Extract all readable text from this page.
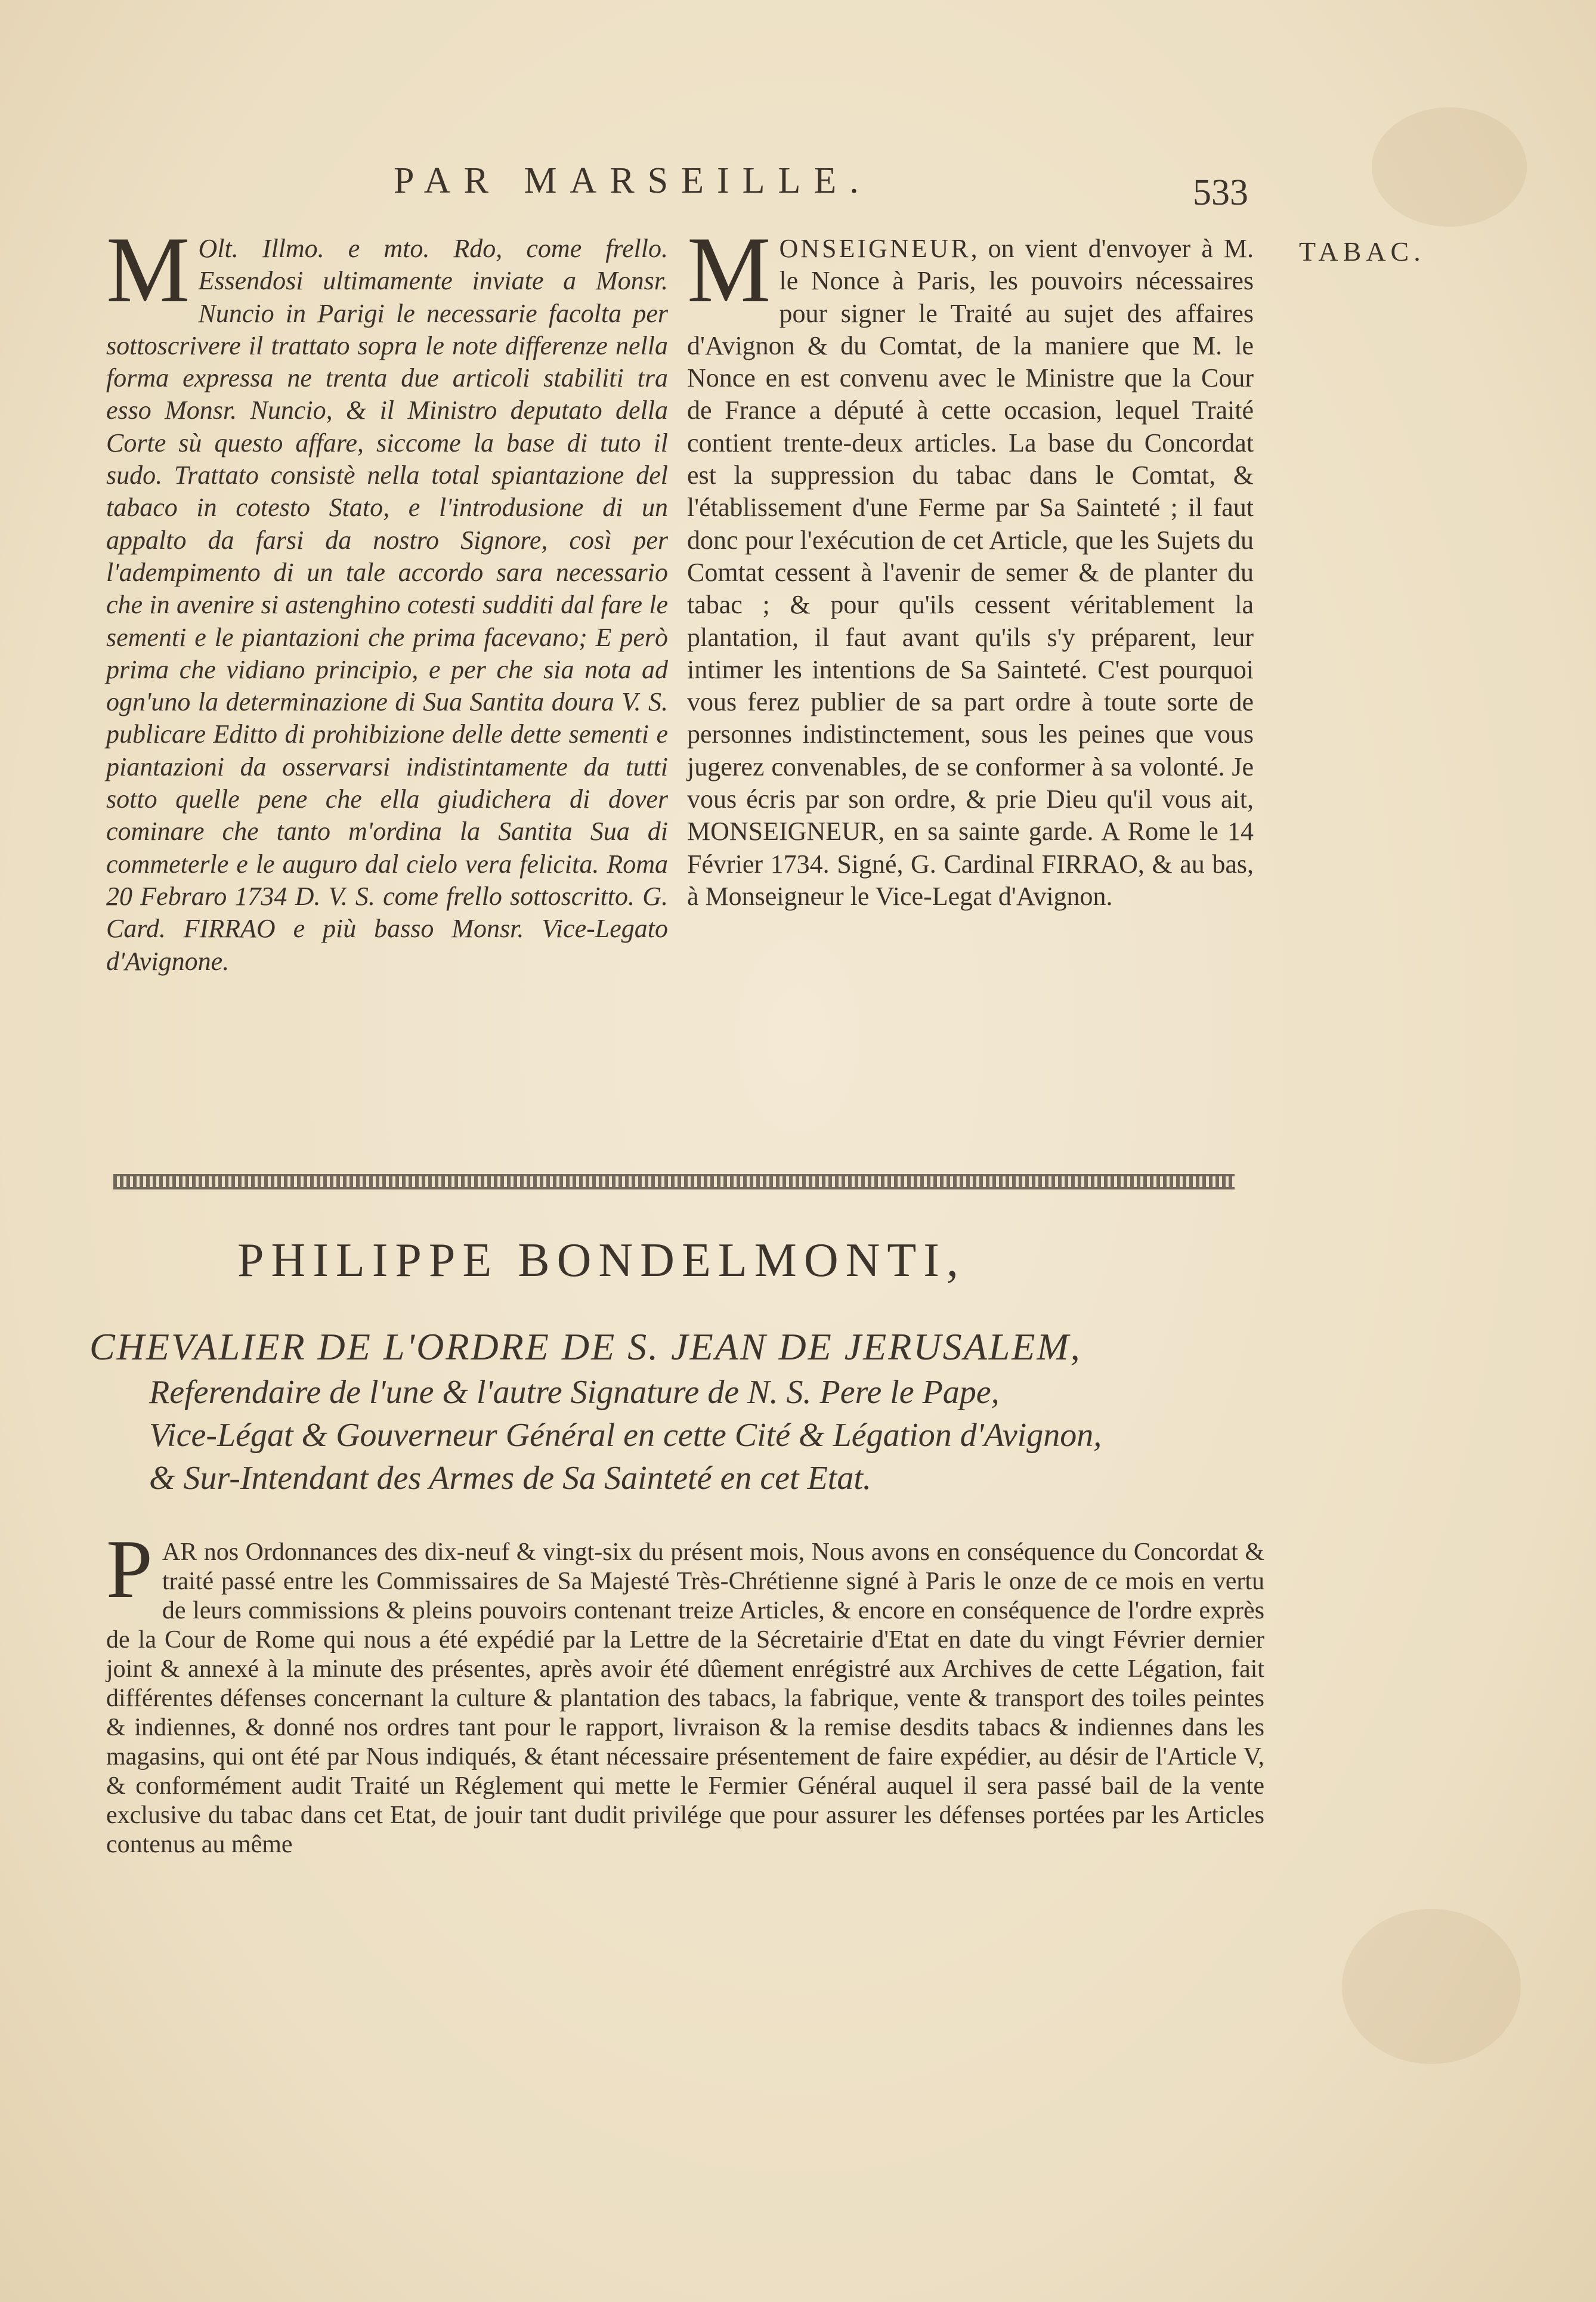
PAR MARSEILLE.	533
TABAC.
M Olt. Illmo. e mto. Rdo, come frello. Essendosi ultimamente inviate a Monsr. Nuncio in Parigi le necessarie facolta per sottoscrivere il trattato sopra le note differenze nella forma expressa ne trenta due articoli stabiliti tra esso Monsr. Nuncio, & il Ministro deputato della Corte sù questo affare, siccome la base di tuto il sudo. Trattato consistè nella total spiantazione del tabaco in cotesto Stato, e l'introdusione di un appalto da farsi da nostro Signore, così per l'adempimento di un tale accordo sara necessario che in avenire si astenghino cotesti sudditi dal fare le sementi e le piantazioni che prima facevano; E però prima che vidiano principio, e per che sia nota ad ogn'uno la determinazione di Sua Santita doura V. S. publicare Editto di prohibizione delle dette sementi e piantazioni da osservarsi indistintamente da tutti sotto quelle pene che ella giudichera di dover cominare che tanto m'ordina la Santita Sua di commeterle e le auguro dal cielo vera felicita. Roma 20 Febraro 1734 D. V. S. come frello sottoscritto. G. Card. FIRRAO e più basso Monsr. Vice-Legato d'Avignone.
MONSEIGNEUR, on vient d'envoyer à M. le Nonce à Paris, les pouvoirs nécessaires pour signer le Traité au sujet des affaires d'Avignon & du Comtat, de la maniere que M. le Nonce en est convenu avec le Ministre que la Cour de France a député à cette occasion, lequel Traité contient trente-deux articles. La base du Concordat est la suppression du tabac dans le Comtat, & l'établissement d'une Ferme par Sa Sainteté ; il faut donc pour l'exécution de cet Article, que les Sujets du Comtat cessent à l'avenir de semer & de planter du tabac ; & pour qu'ils cessent véritablement la plantation, il faut avant qu'ils s'y préparent, leur intimer les intentions de Sa Sainteté. C'est pourquoi vous ferez publier de sa part ordre à toute sorte de personnes indistinctement, sous les peines que vous jugerez convenables, de se conformer à sa volonté. Je vous écris par son ordre, & prie Dieu qu'il vous ait, MONSEIGNEUR, en sa sainte garde. A Rome le 14 Février 1734. Signé, G. Cardinal FIRRAO, & au bas, à Monseigneur le Vice-Legat d'Avignon.
PHILIPPE BONDELMONTI,
CHEVALIER DE L'ORDRE DE S. JEAN DE JERUSALEM,
Referendaire de l'une & l'autre Signature de N. S. Pere le Pape,
Vice-Légat & Gouverneur Général en cette Cité & Légation d'Avignon,
& Sur-Intendant des Armes de Sa Sainteté en cet Etat.
PAR nos Ordonnances des dix-neuf & vingt-six du présent mois, Nous avons en conséquence du Concordat & traité passé entre les Commissaires de Sa Majesté Très-Chrétienne signé à Paris le onze de ce mois en vertu de leurs commissions & pleins pouvoirs contenant treize Articles, & encore en conséquence de l'ordre exprès de la Cour de Rome qui nous a été expédié par la Lettre de la Sécretairie d'Etat en date du vingt Février dernier joint & annexé à la minute des présentes, après avoir été dûement enrégistré aux Archives de cette Légation, fait différentes défenses concernant la culture & plantation des tabacs, la fabrique, vente & transport des toiles peintes & indiennes, & donné nos ordres tant pour le rapport, livraison & la remise desdits tabacs & indiennes dans les magasins, qui ont été par Nous indiqués, & étant nécessaire présentement de faire expédier, au désir de l'Article V, & conformément audit Traité un Réglement qui mette le Fermier Général auquel il sera passé bail de la vente exclusive du tabac dans cet Etat, de jouir tant dudit privilége que pour assurer les défenses portées par les Articles contenus au même
